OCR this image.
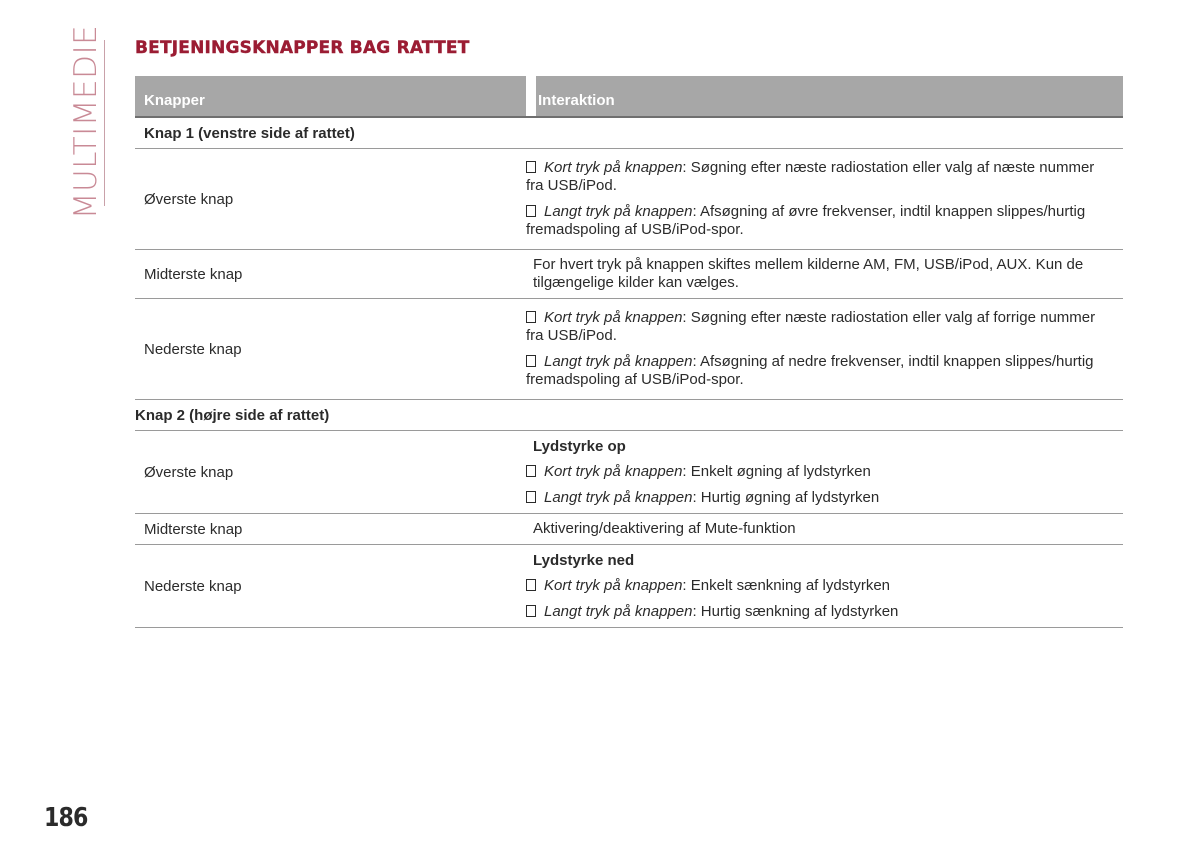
MULTIMEDIE BETJENINGSKNAPPER BAG RATTET
Knapper	Interaktion
Knap 1 (venstre side af rattet)
Øverste knap
Kort tryk på knappen: Søgning efter næste radiostation eller valg af næste nummer fra USB/iPod.
Langt tryk på knappen: Afsøgning af øvre frekvenser, indtil knappen slippes/hurtig fremadspoling af USB/iPod-spor.
Midterste knap
For hvert tryk på knappen skiftes mellem kilderne AM, FM, USB/iPod, AUX. Kun de tilgængelige kilder kan vælges.
Nederste knap
Kort tryk på knappen: Søgning efter næste radiostation eller valg af forrige nummer fra USB/iPod.
Langt tryk på knappen: Afsøgning af nedre frekvenser, indtil knappen slippes/hurtig fremadspoling af USB/iPod-spor.
Knap 2 (højre side af rattet)
Øverste knap
Lydstyrke op
Kort tryk på knappen: Enkelt øgning af lydstyrken
Langt tryk på knappen: Hurtig øgning af lydstyrken
Midterste knap	Aktivering/deaktivering af Mute-funktion
Nederste knap
Lydstyrke ned
Kort tryk på knappen: Enkelt sænkning af lydstyrken
Langt tryk på knappen: Hurtig sænkning af lydstyrken
186
